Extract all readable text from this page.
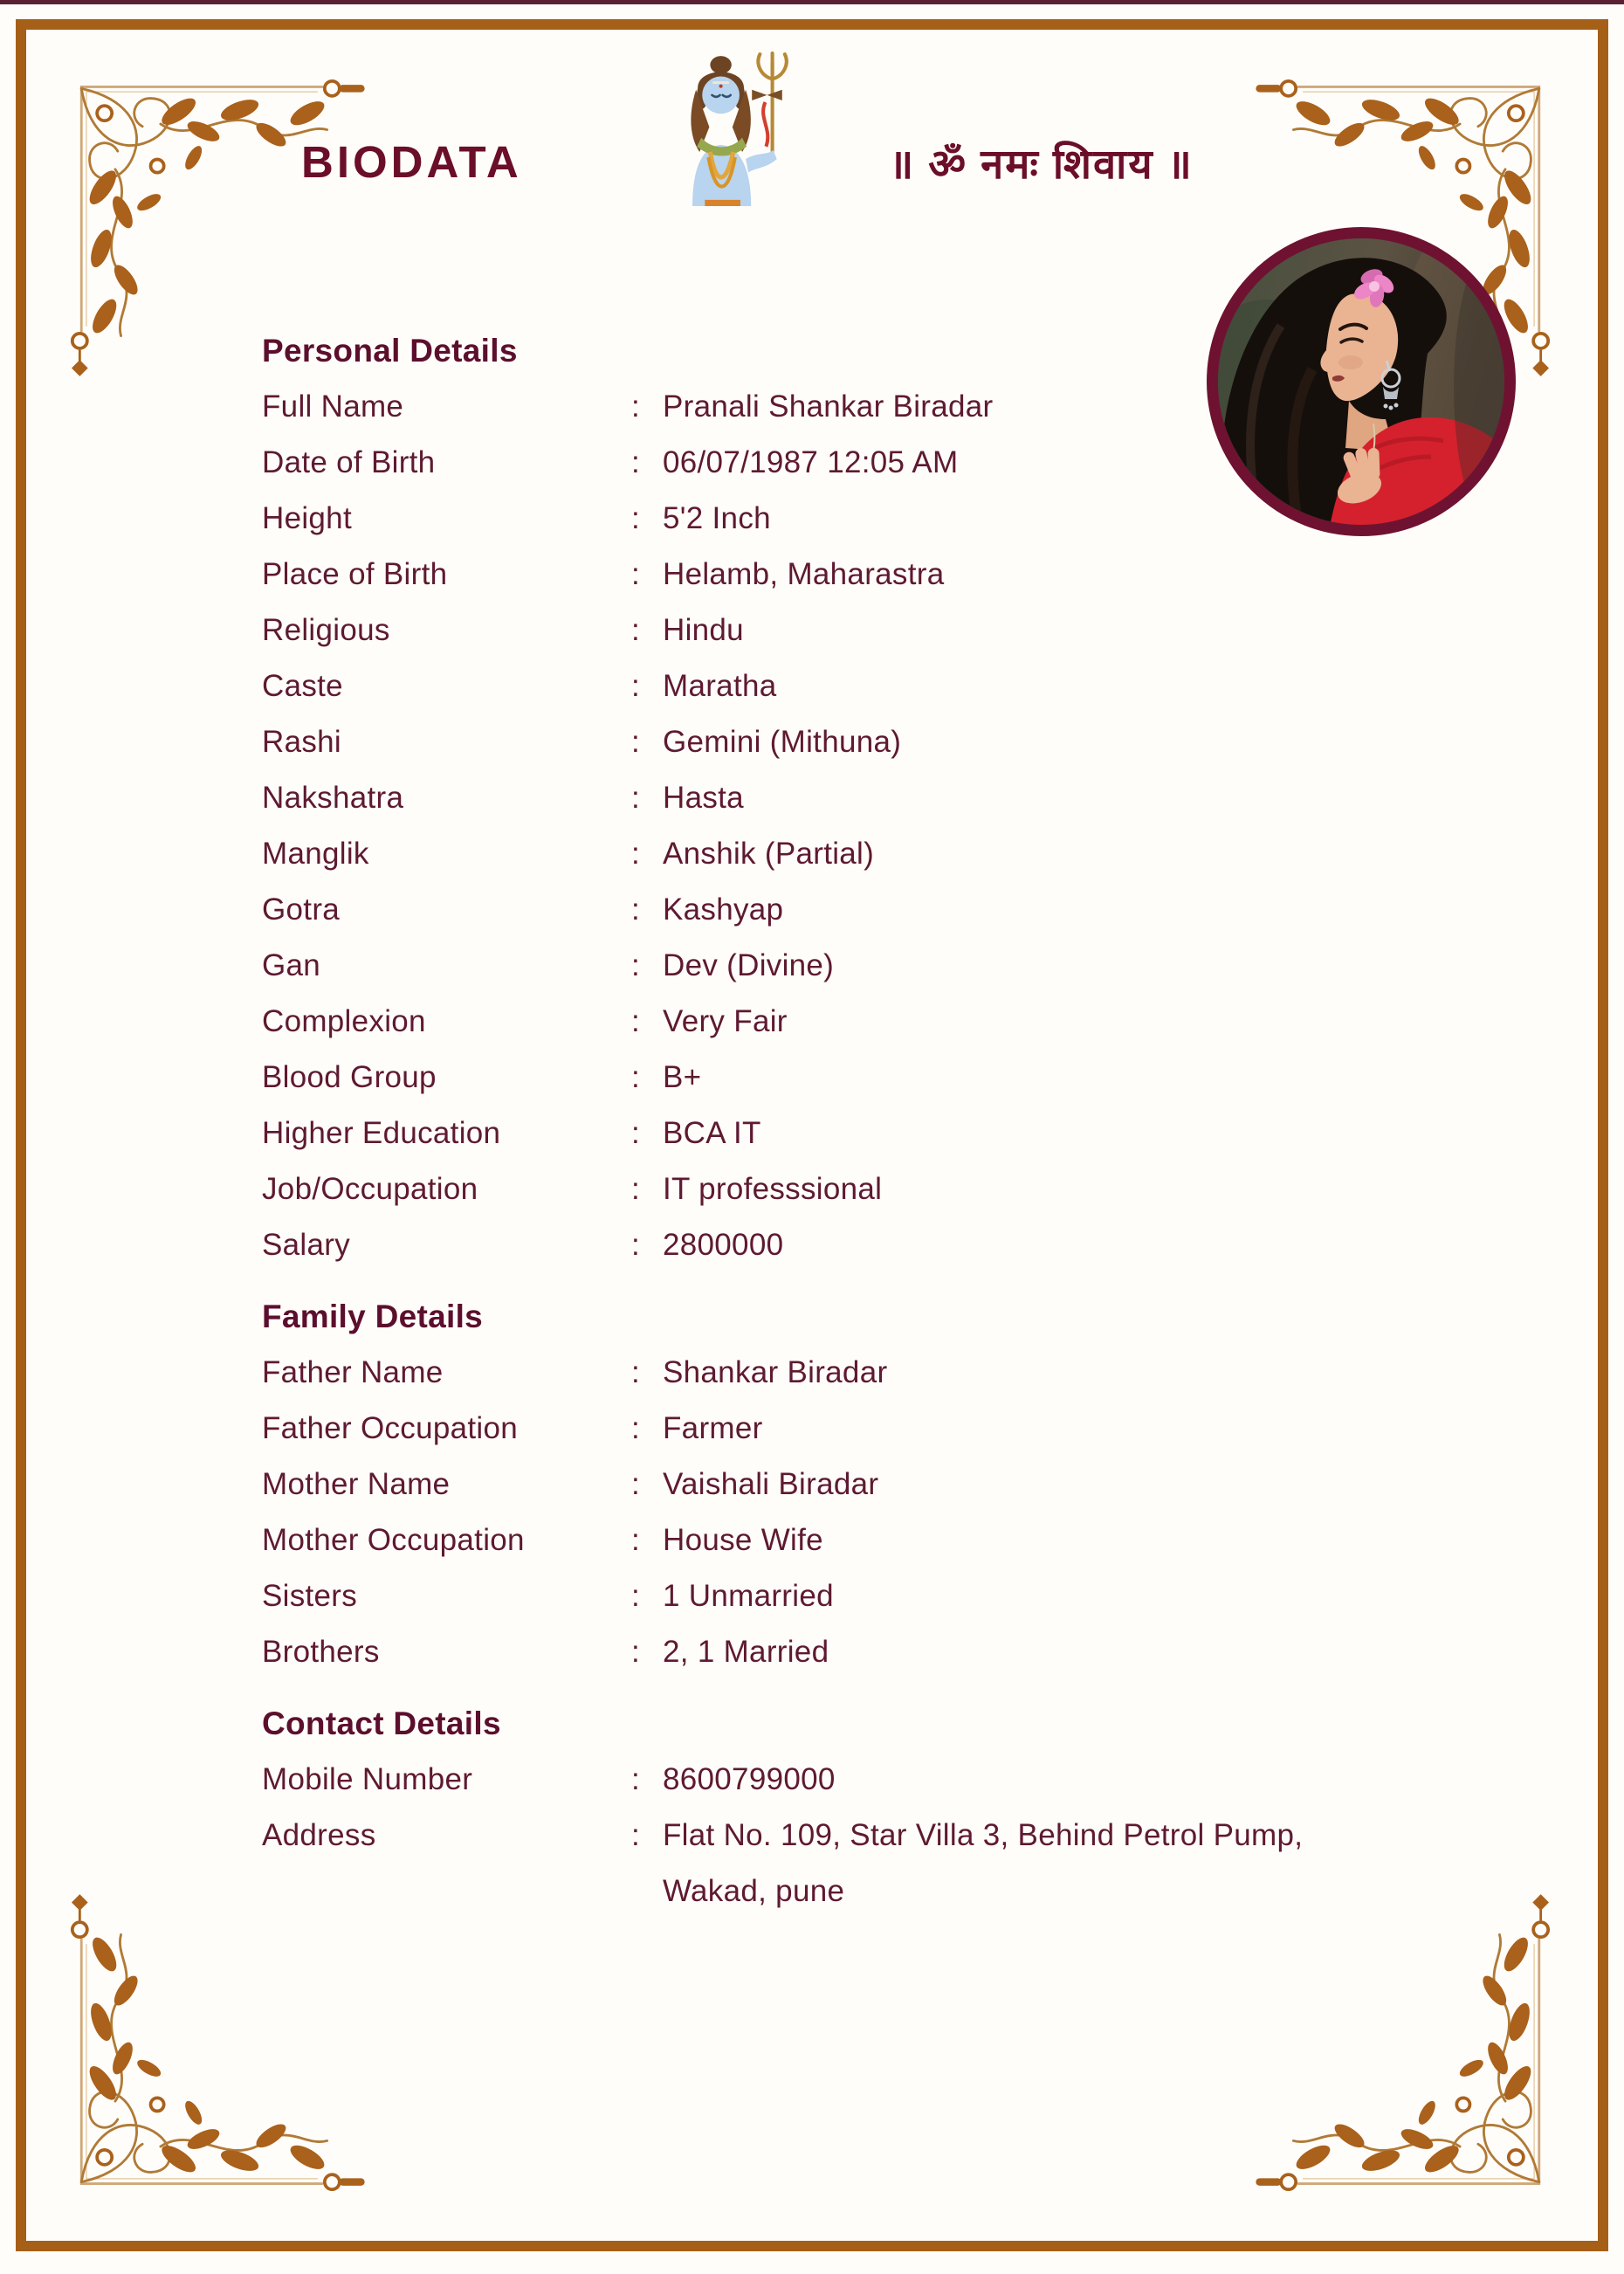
BIODATA	॥ ॐ नमः शिवाय ॥
Personal Details
Full Name	: Pranali Shankar Biradar
Date of Birth	: 06/07/1987 12:05 AM
Height	: 5'2 Inch
Place of Birth	: Helamb, Maharastra
Religious	: Hindu
Caste	: Maratha
Rashi	: Gemini (Mithuna)
Nakshatra	: Hasta
Manglik	: Anshik (Partial)
Gotra	: Kashyap
Gan	: Dev (Divine)
Complexion	: Very Fair
Blood Group	: B+
Higher Education	: BCA IT
Job/Occupation	: IT professsional
Salary	: 2800000
Family Details
Father Name	: Shankar Biradar
Father Occupation	: Farmer
Mother Name	: Vaishali Biradar
Mother Occupation	: House Wife
Sisters	: 1 Unmarried
Brothers	: 2, 1 Married
Contact Details
Mobile Number	: 8600799000
Address	: Flat No. 109, Star Villa 3, Behind Petrol Pump,
Wakad, pune
